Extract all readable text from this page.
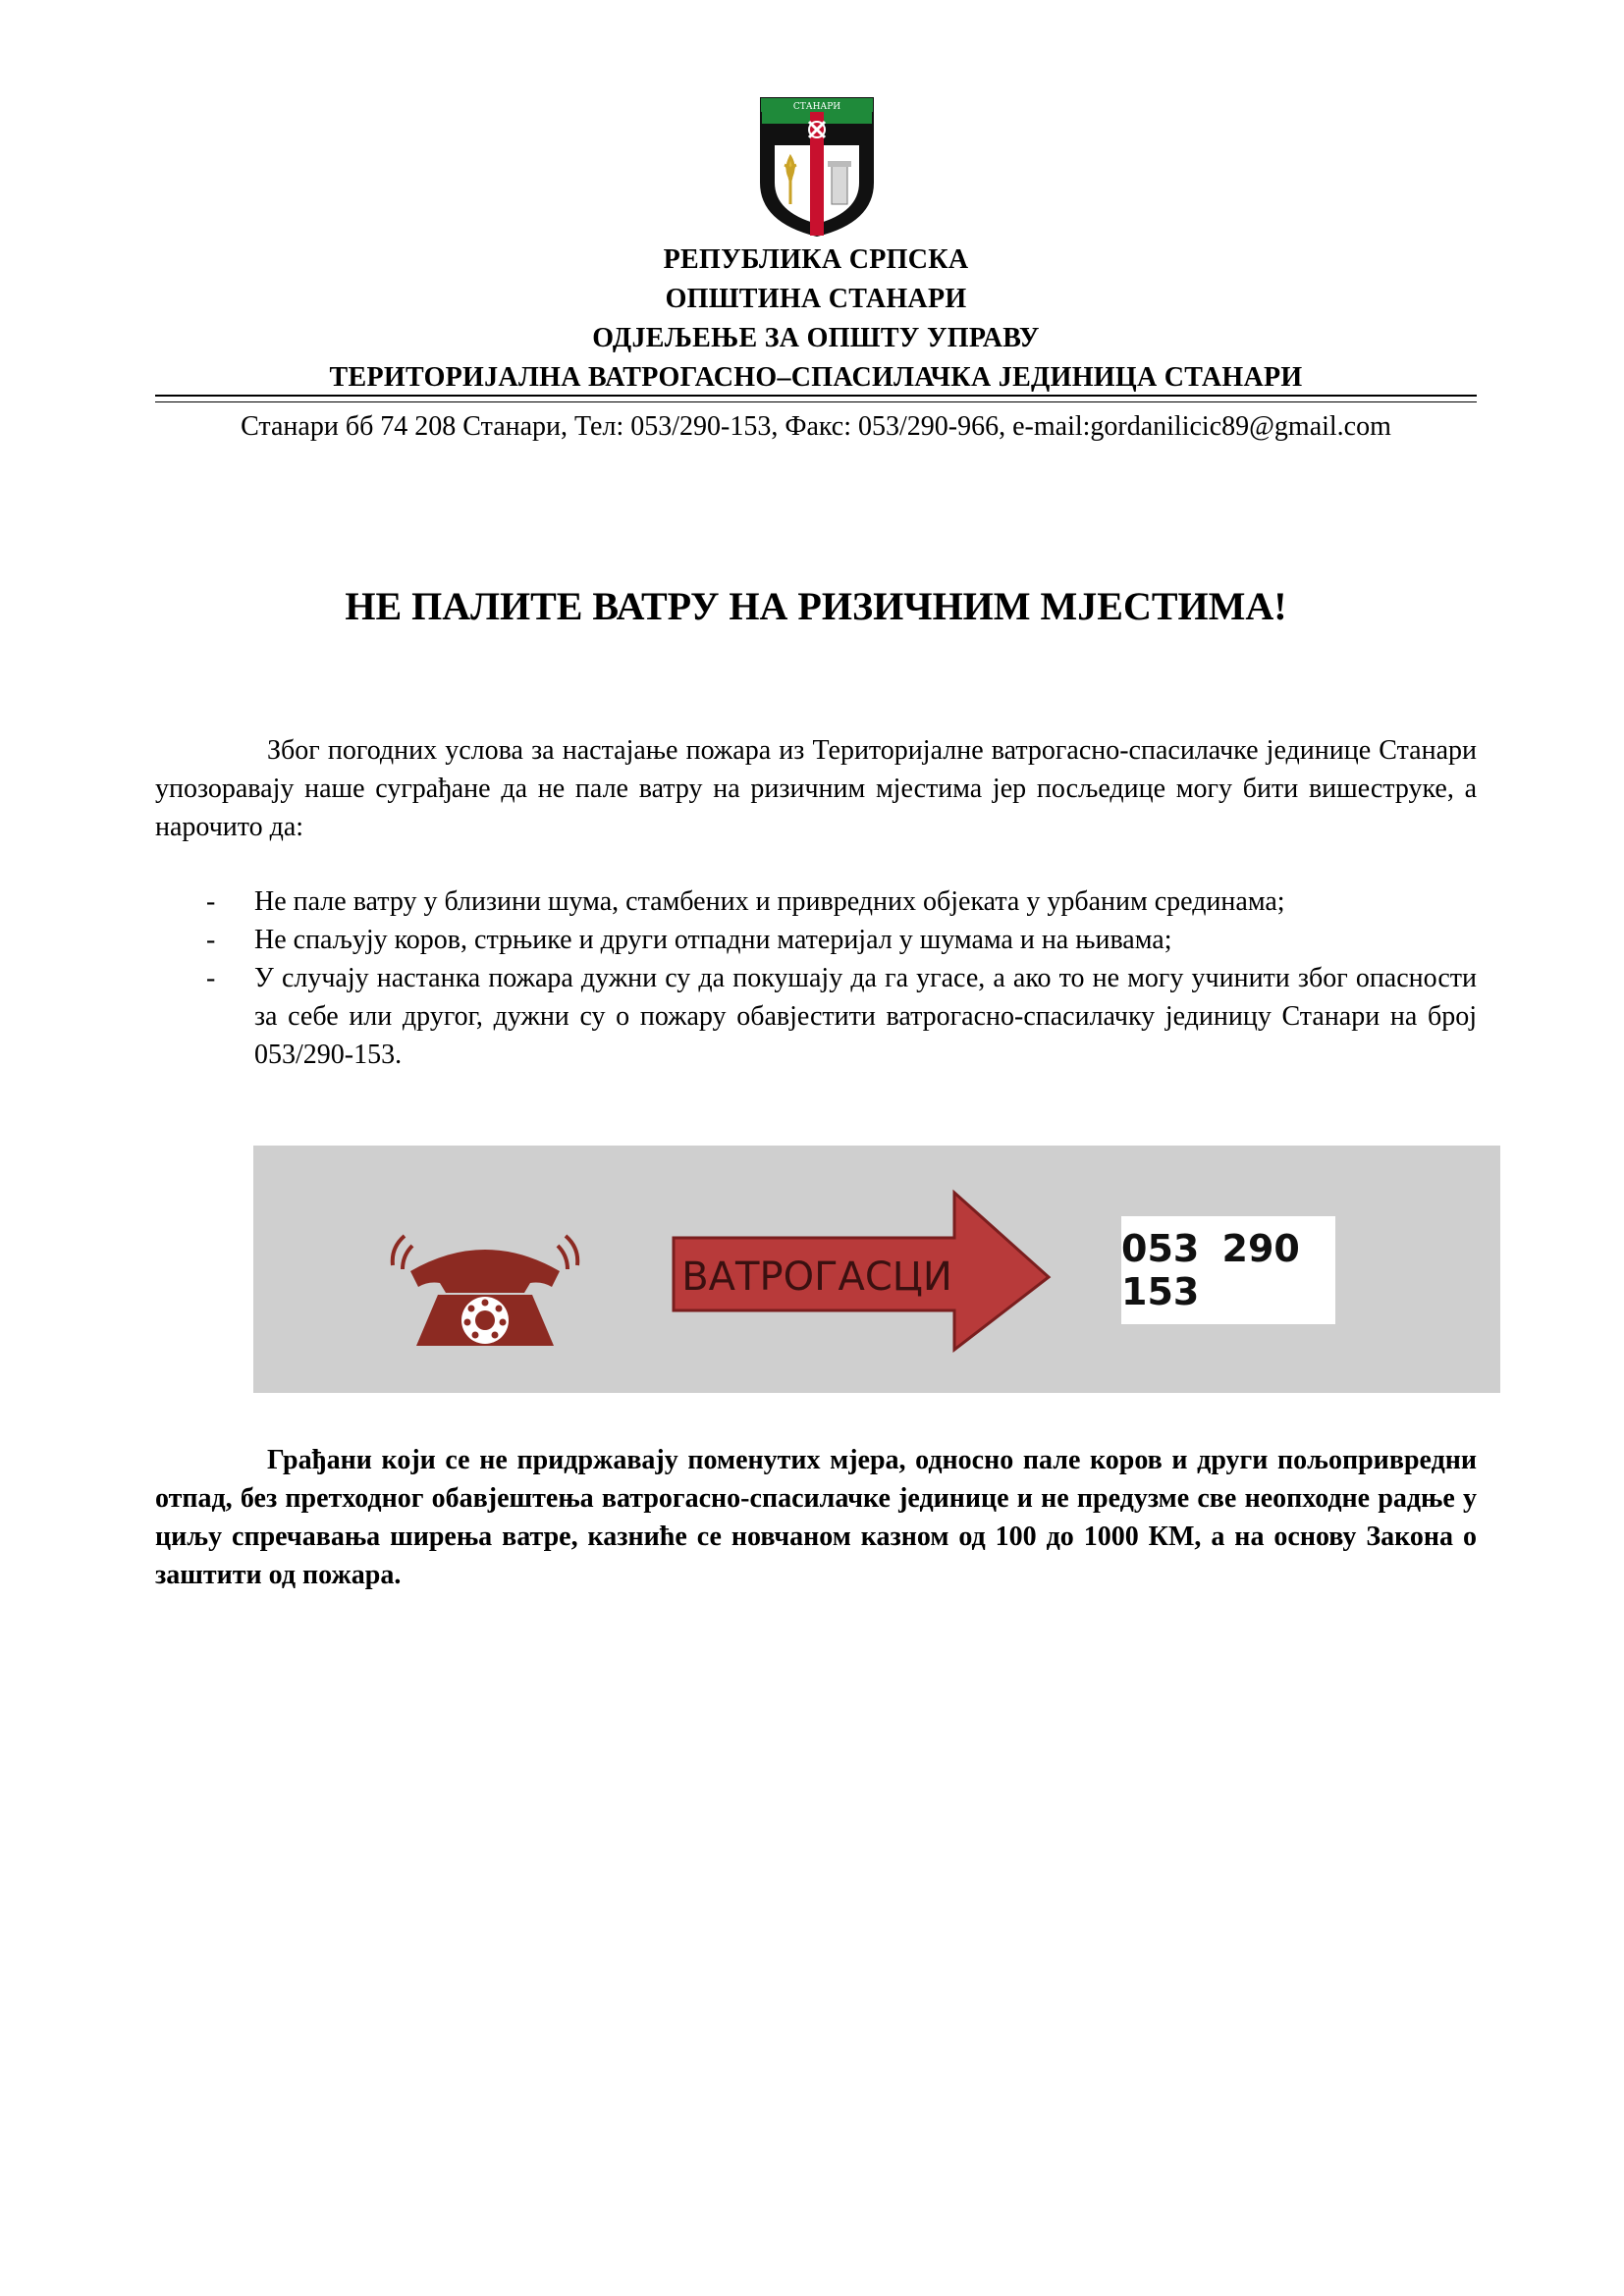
СТАНАРИ
РЕПУБЛИКА СРПСКА
ОПШТИНА СТАНАРИ
ОДЈЕЉЕЊЕ ЗА ОПШТУ УПРАВУ
ТЕРИТОРИЈАЛНА ВАТРОГАСНО–СПАСИЛАЧКА ЈЕДИНИЦА СТАНАРИ
Станари бб 74 208 Станари, Тел: 053/290-153, Факс: 053/290-966, e-mail:gordanilicic89@gmail.com
НЕ ПАЛИТЕ ВАТРУ НА РИЗИЧНИМ МЈЕСТИМА!

Због погодних услова за настајање пожара из Територијалне ватрогасно-спасилачке јединице Станари упозоравају наше суграђане да не пале ватру на ризичним мјестима јер посљедице могу бити вишеструке, а нарочито да:

- Не пале ватру у близини шума, стамбених и привредних објеката у урбаним срединама;
- Не спаљују коров, стрњике и други отпадни материјал у шумама и на њивама;
- У случају настанка пожара дужни су да покушају да га угасе, а ако то не могу учинити због опасности за себе или другог, дужни су о пожару обавјестити ватрогасно-спасилачку јединицу Станари на број 053/290-153.
ВАТРОГАСЦИ
053 290 153

Грађани који се не придржавају поменутих мјера, односно пале коров и други пољопривредни отпад, без претходног обавјештења ватрогасно-спасилачке јединице и не предузме све неопходне радње у циљу спречавања ширења ватре, казниће се новчаном казном од 100 до 1000 КМ, а на основу Закона о заштити од пожара.
